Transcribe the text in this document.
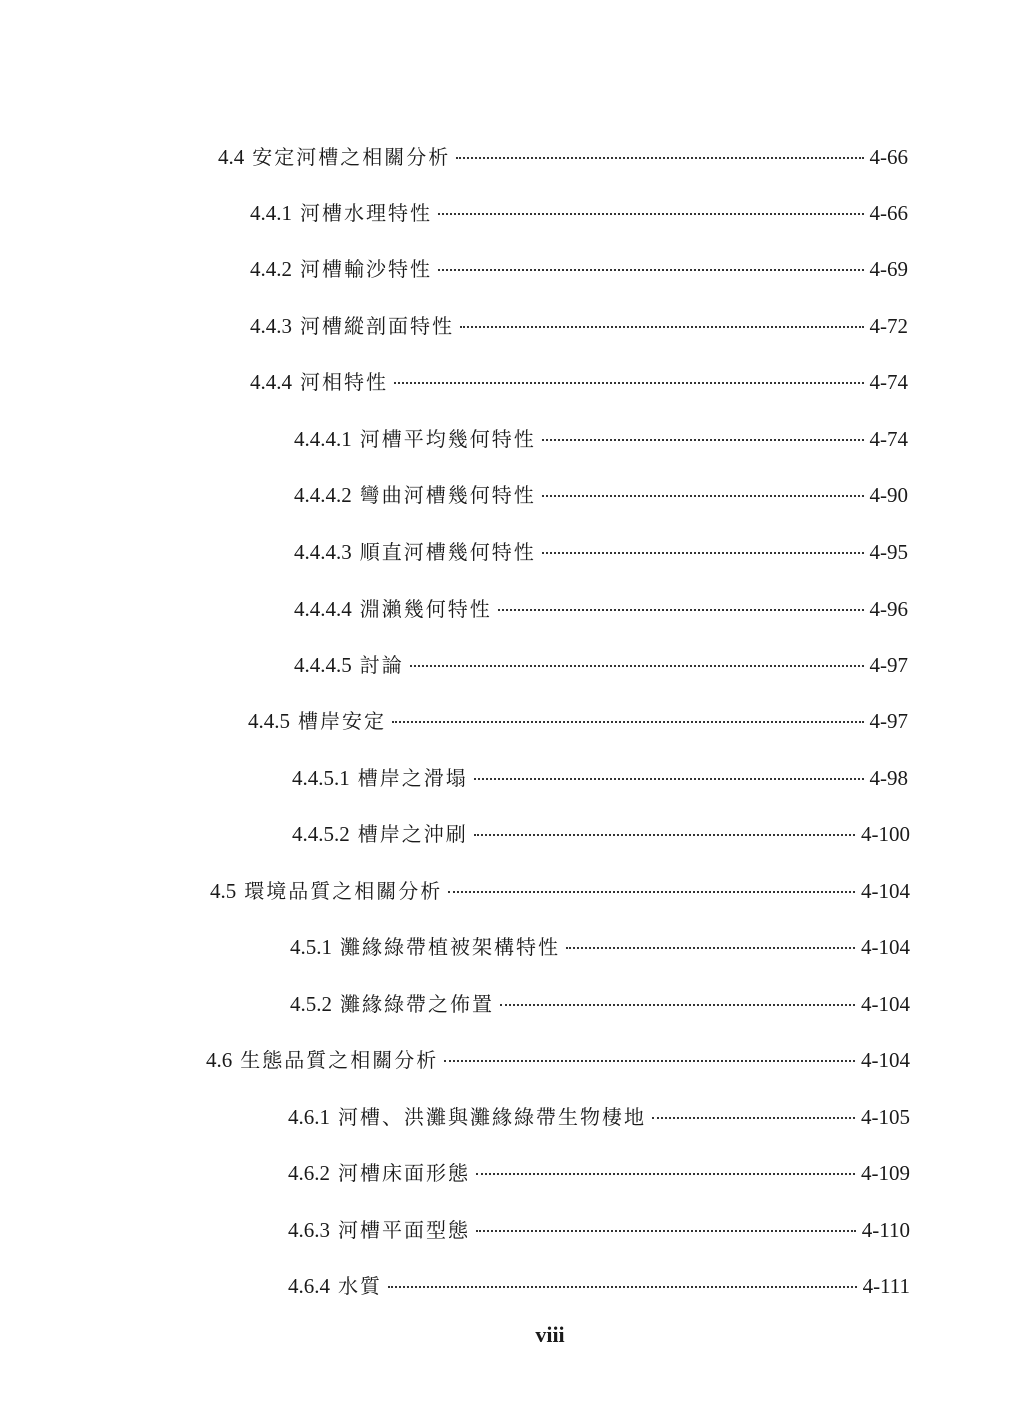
4.4 安定河槽之相關分析	4-66
4.4.1 河槽水理特性	4-66
4.4.2 河槽輸沙特性	4-69
4.4.3 河槽縱剖面特性	4-72
4.4.4 河相特性	4-74
4.4.4.1 河槽平均幾何特性	4-74
4.4.4.2 彎曲河槽幾何特性	4-90
4.4.4.3 順直河槽幾何特性	4-95
4.4.4.4 淵瀨幾何特性	4-96
4.4.4.5 討論	4-97
4.4.5 槽岸安定	4-97
4.4.5.1 槽岸之滑塌	4-98
4.4.5.2 槽岸之沖刷	4-100
4.5 環境品質之相關分析	4-104
4.5.1 灘緣綠帶植被架構特性	4-104
4.5.2 灘緣綠帶之佈置	4-104
4.6 生態品質之相關分析	4-104
4.6.1 河槽、洪灘與灘緣綠帶生物棲地	4-105
4.6.2 河槽床面形態	4-109
4.6.3 河槽平面型態	4-110
4.6.4 水質	4-111
viii
